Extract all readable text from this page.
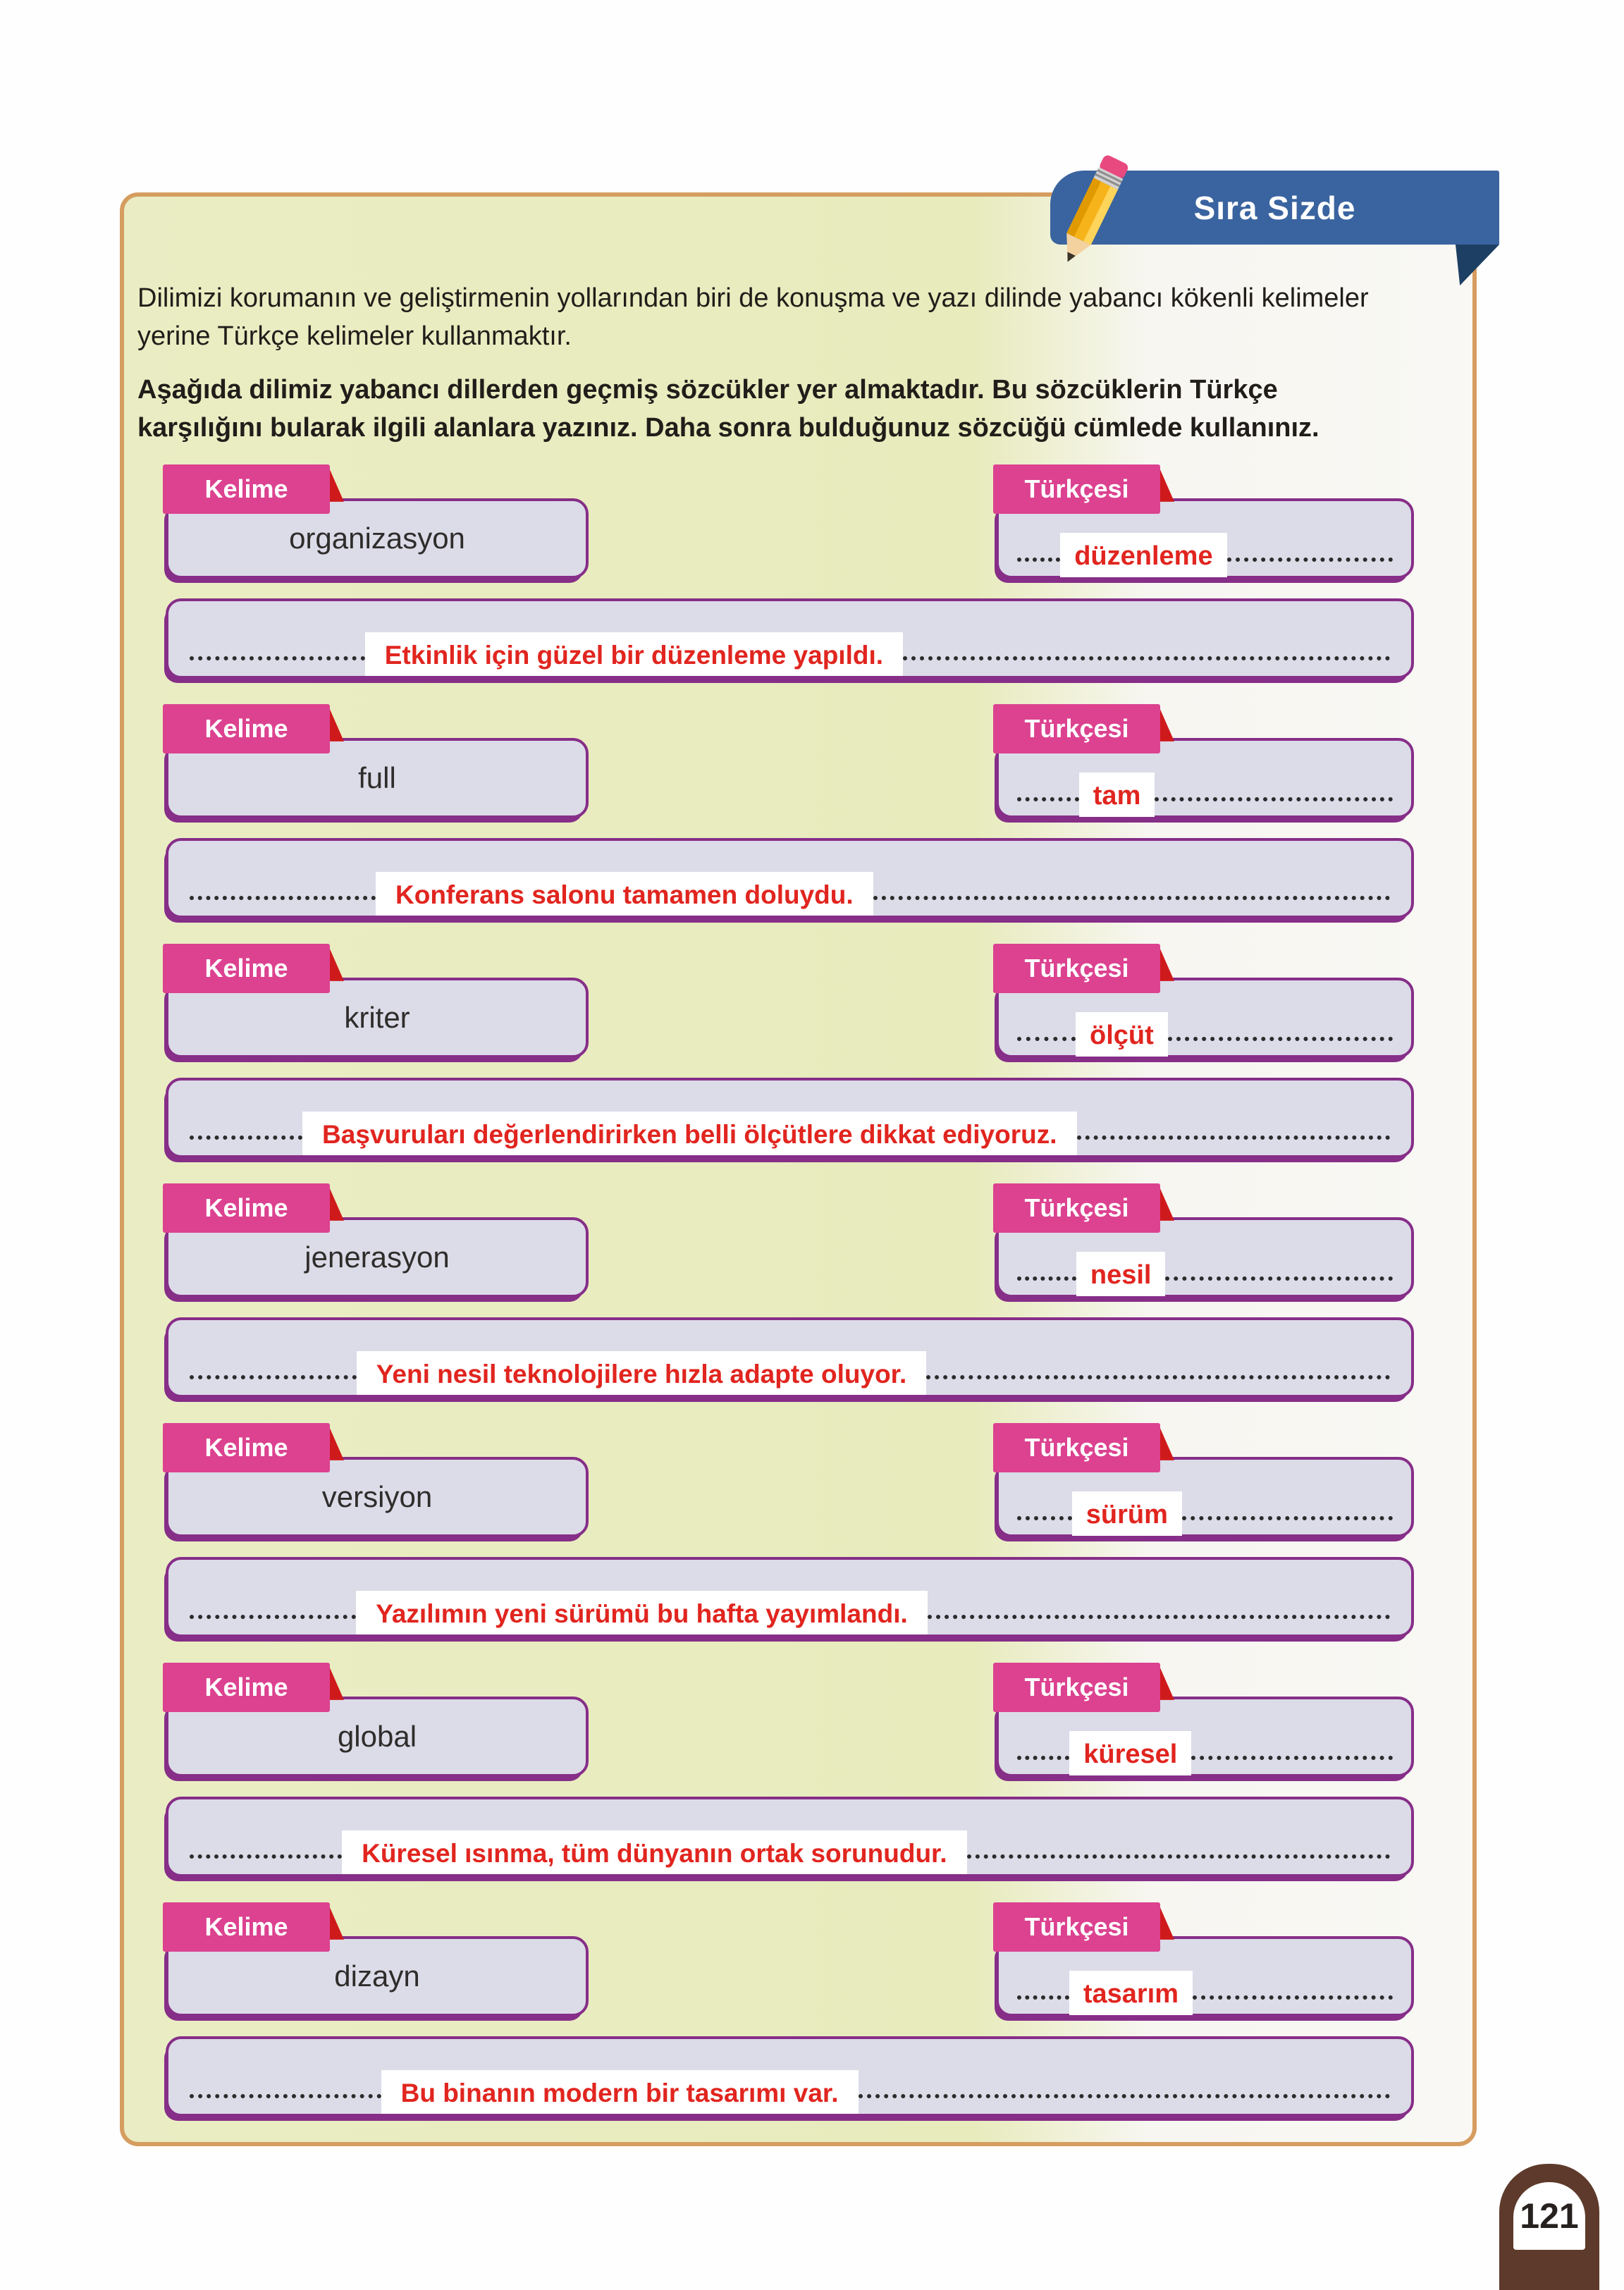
Dilimizi korumanın ve geliştirmenin yollarından biri de konuşma ve yazı dilinde yabancı kökenli kelimeler yerine Türkçe kelimeler kullanmaktır.

Aşağıda dilimiz yabancı dillerden geçmiş sözcükler yer almaktadır. Bu sözcüklerin Türkçe karşılığını bularak ilgili alanlara yazınız. Daha sonra bulduğunuz sözcüğü cümlede kullanınız.

Kelime
organizasyon
Türkçesi
düzenleme
Etkinlik için güzel bir düzenleme yapıldı.
Kelime
full
Türkçesi
tam
Konferans salonu tamamen doluydu.
Kelime
kriter
Türkçesi
ölçüt
Başvuruları değerlendirirken belli ölçütlere dikkat ediyoruz.
Kelime
jenerasyon
Türkçesi
nesil
Yeni nesil teknolojilere hızla adapte oluyor.
Kelime
versiyon
Türkçesi
sürüm
Yazılımın yeni sürümü bu hafta yayımlandı.
Kelime
global
Türkçesi
küresel
Küresel ısınma, tüm dünyanın ortak sorunudur.
Kelime
dizayn
Türkçesi
tasarım
Bu binanın modern bir tasarımı var.
Sıra Sizde
121
